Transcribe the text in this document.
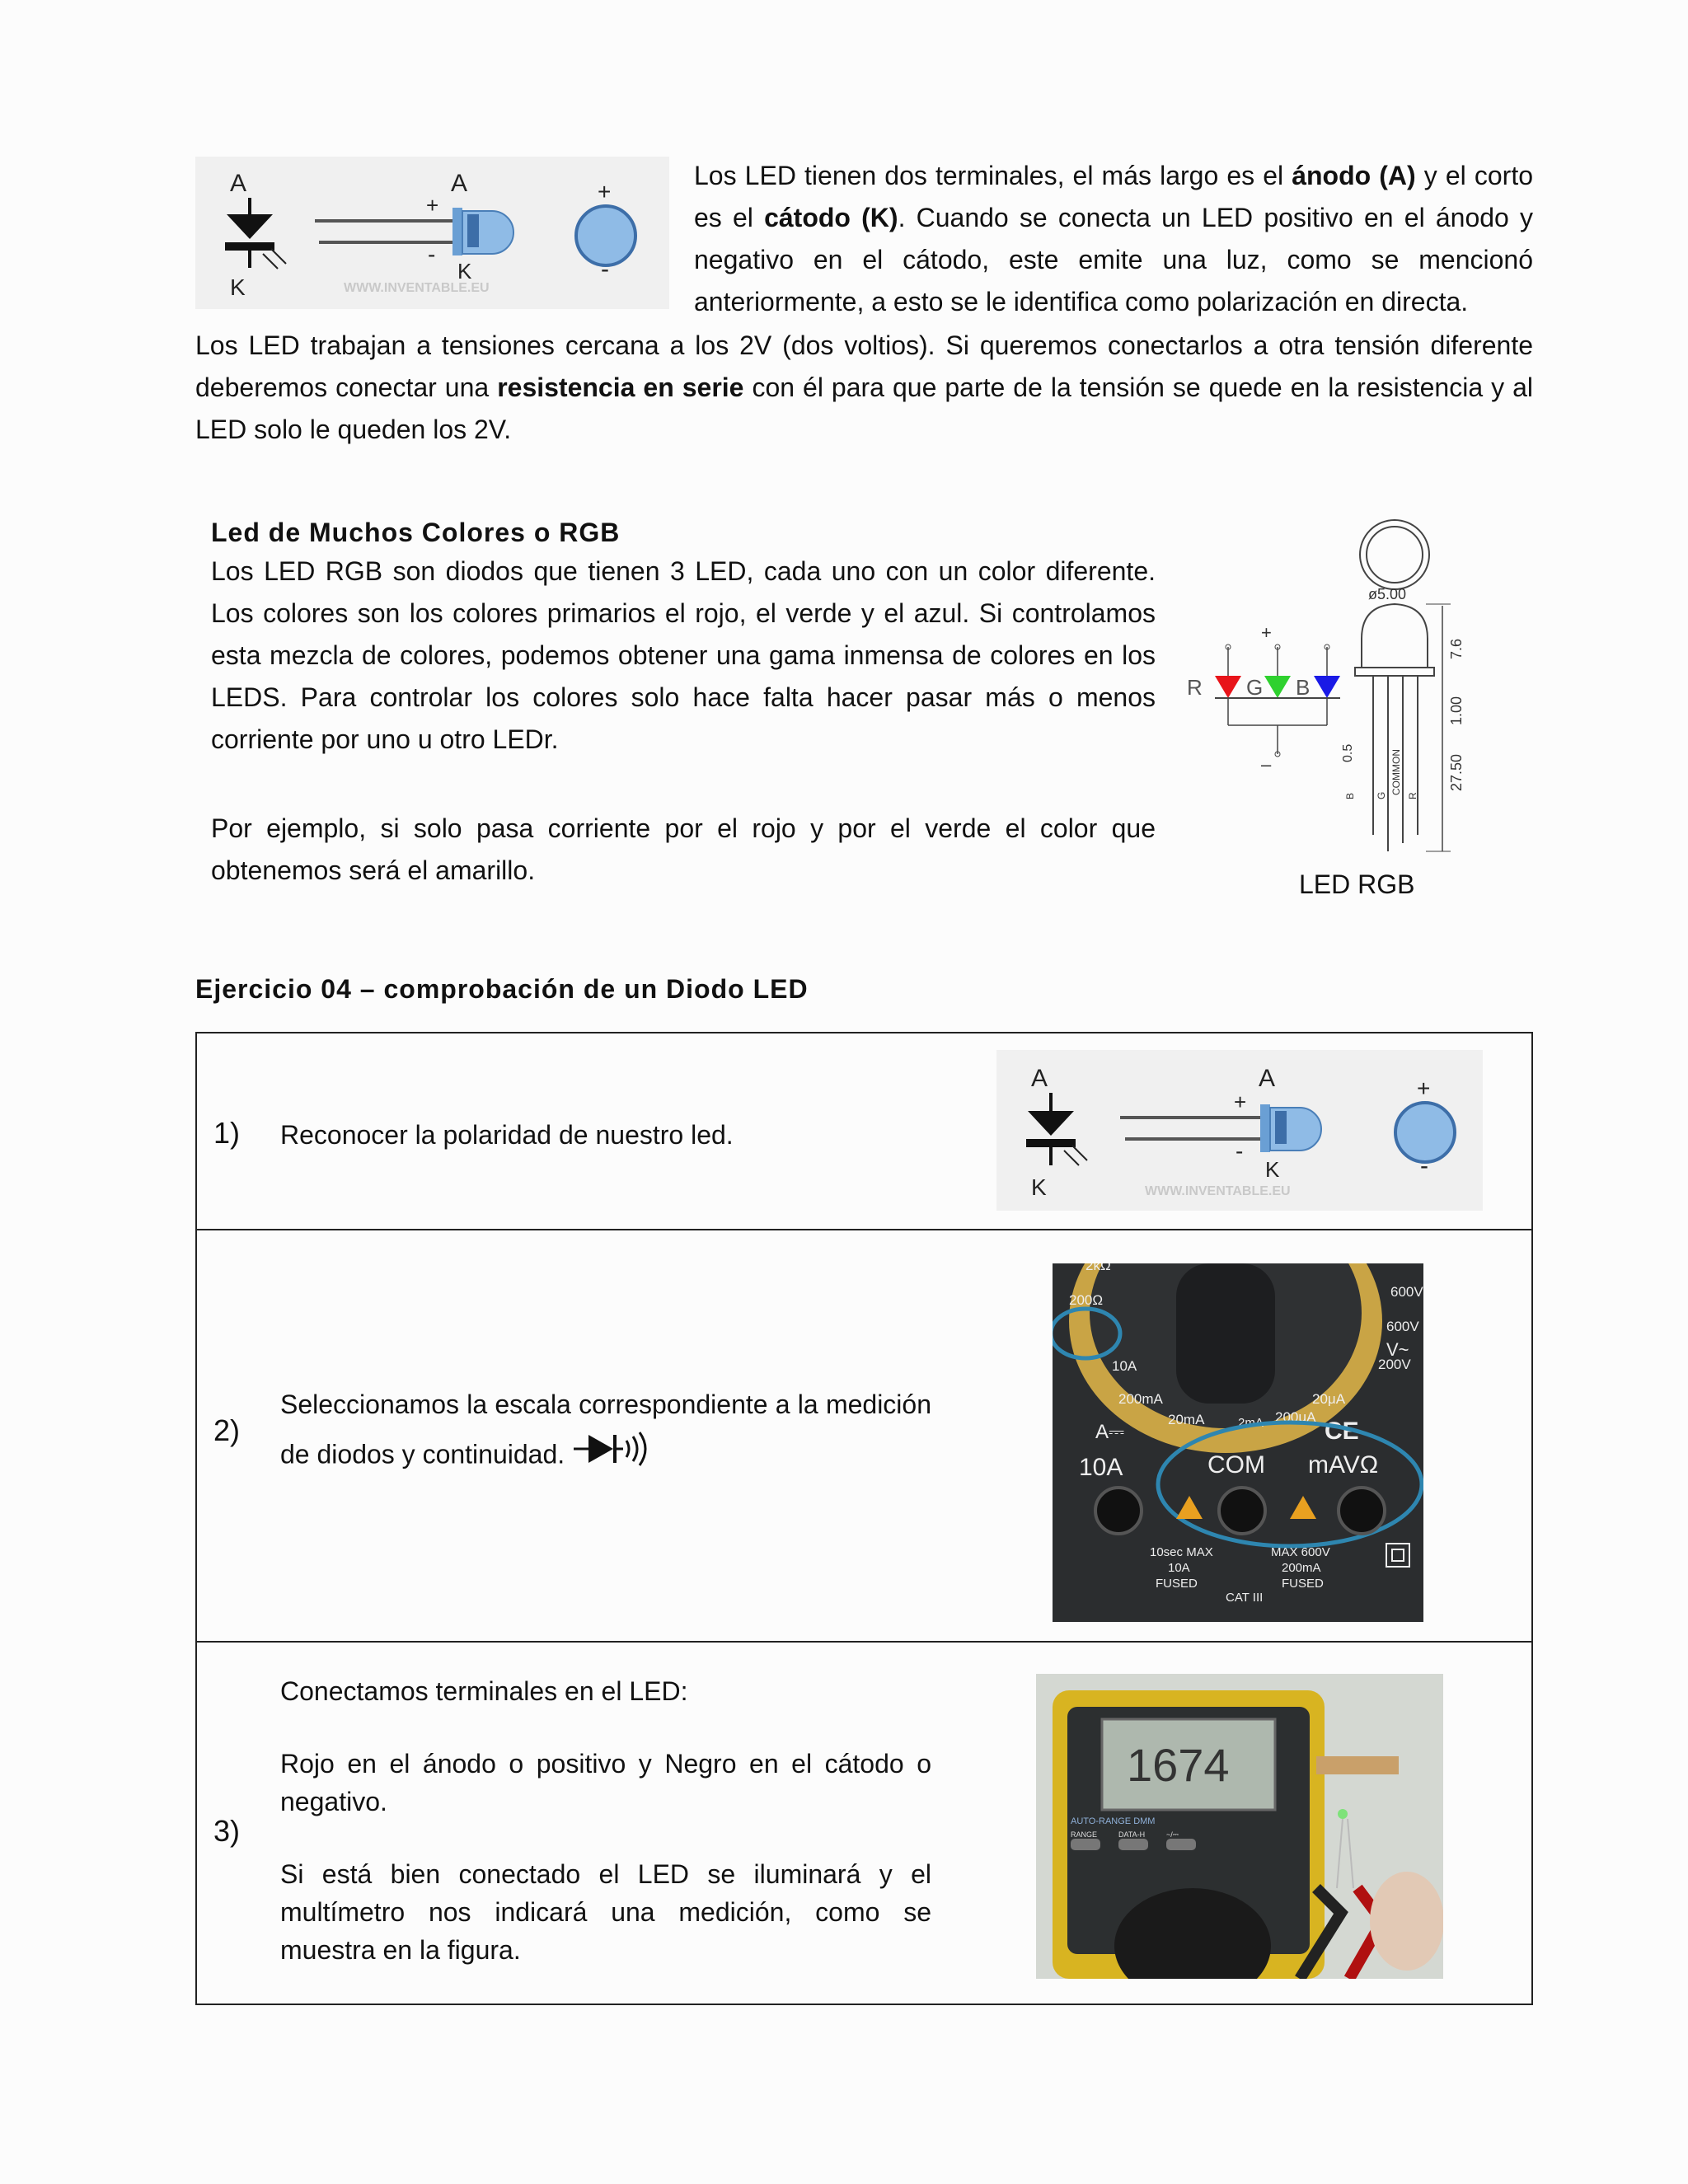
A
K
A
+
-
K
+
-
WWW.INVENTABLE.EU

Los LED tienen dos terminales, el más largo es el ánodo (A) y el corto es el cátodo (K). Cuando se conecta un LED positivo en el ánodo y negativo en el cátodo, este emite una luz, como se mencionó anteriormente, a esto se le identifica como polarización en directa.

Los LED trabajan a tensiones cercana a los 2V (dos voltios). Si queremos conectarlos a otra tensión diferente deberemos conectar una resistencia en serie con él para que parte de la tensión se quede en la resistencia y al LED solo le queden los 2V.

Led de Muchos Colores o RGB

Los LED RGB son diodos que tienen 3 LED, cada uno con un color diferente. Los colores son los colores primarios el rojo, el verde y el azul. Si controlamos esta mezcla de colores, podemos obtener una gama inmensa de colores en los LEDS. Para controlar los colores solo hace falta hacer pasar más o menos corriente por uno u otro LEDr.

Por ejemplo, si solo pasa corriente por el rojo y por el verde el color que obtenemos será el amarillo.

ø5.00
7.6
1.00
27.50
0.5
B G
COMMON
R
+
R G B
–

LED RGB

Ejercicio 04 – comprobación de un Diodo LED

1) Reconocer la polaridad de nuestro led.
A
K
A
+
-
K
+
-
WWW.INVENTABLE.EU

2)
Seleccionamos la escala correspondiente a la medición de diodos y continuidad.
600V
600V
200V
V~
2kΩ
200Ω
10A
200mA
20mA	2mA 200μA
20μA
CE
A⎓
10A	COM mAVΩ
10sec MAX
10A
FUSED
MAX 600V
200mA
FUSED
CAT III

3)
Conectamos terminales en el LED:
Rojo en el ánodo o positivo y Negro en el cátodo o negativo.
Si está bien conectado el LED se iluminará y el multímetro nos indicará una medición, como se muestra en la figura.
1674
AUTO-RANGE DMM
RANGE	DATA-H	~/⎓
